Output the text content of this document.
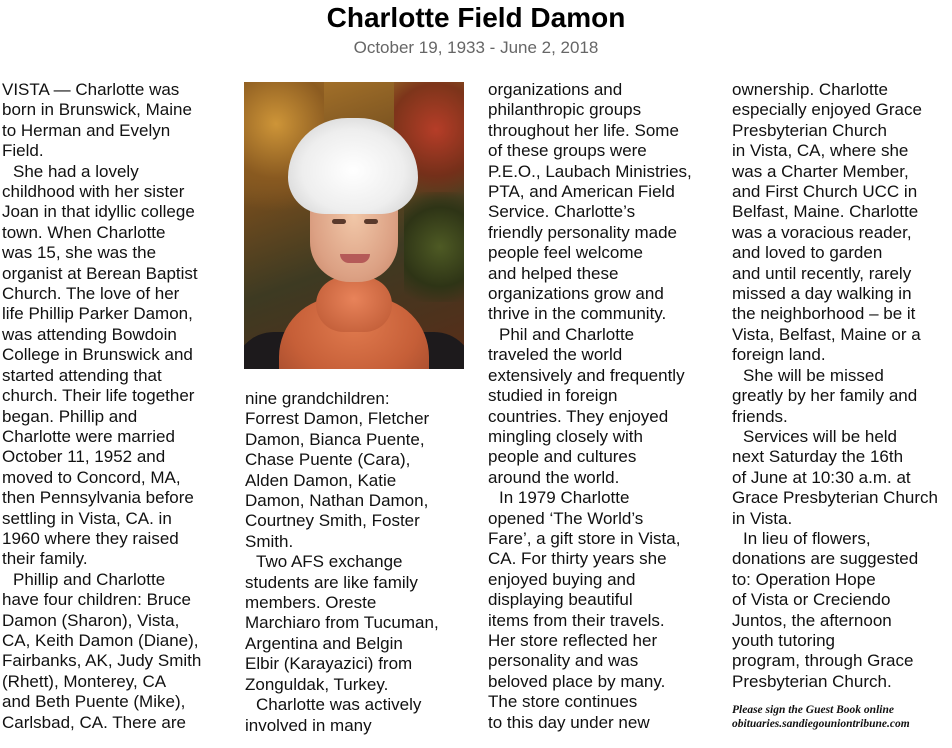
Charlotte Field Damon
October 19, 1933 - June 2, 2018

VISTA — Charlotte was

born in Brunswick, Maine

to Herman and Evelyn

Field.

She had a lovely

childhood with her sister

Joan in that idyllic college

town. When Charlotte

was 15, she was the

organist at Berean Baptist

Church. The love of her

life Phillip Parker Damon,

was attending Bowdoin

College in Brunswick and

started attending that

church. Their life together

began. Phillip and

Charlotte were married

October 11, 1952 and

moved to Concord, MA,

then Pennsylvania before

settling in Vista, CA. in

1960 where they raised

their family.

Phillip and Charlotte

have four children: Bruce

Damon (Sharon), Vista,

CA, Keith Damon (Diane),

Fairbanks, AK, Judy Smith

(Rhett), Monterey, CA

and Beth Puente (Mike),

Carlsbad, CA. There are

nine grandchildren:

Forrest Damon, Fletcher

Damon, Bianca Puente,

Chase Puente (Cara),

Alden Damon, Katie

Damon, Nathan Damon,

Courtney Smith, Foster

Smith.

Two AFS exchange

students are like family

members. Oreste

Marchiaro from Tucuman,

Argentina and Belgin

Elbir (Karayazici) from

Zonguldak, Turkey.

Charlotte was actively

involved in many

organizations and

philanthropic groups

throughout her life. Some

of these groups were

P.E.O., Laubach Ministries,

PTA, and American Field

Service. Charlotte’s

friendly personality made

people feel welcome

and helped these

organizations grow and

thrive in the community.

Phil and Charlotte

traveled the world

extensively and frequently

studied in foreign

countries. They enjoyed

mingling closely with

people and cultures

around the world.

In 1979 Charlotte

opened ‘The World’s

Fare’, a gift store in Vista,

CA. For thirty years she

enjoyed buying and

displaying beautiful

items from their travels.

Her store reflected her

personality and was

beloved place by many.

The store continues

to this day under new

ownership. Charlotte

especially enjoyed Grace

Presbyterian Church

in Vista, CA, where she

was a Charter Member,

and First Church UCC in

Belfast, Maine. Charlotte

was a voracious reader,

and loved to garden

and until recently, rarely

missed a day walking in

the neighborhood – be it

Vista, Belfast, Maine or a

foreign land.

She will be missed

greatly by her family and

friends.

Services will be held

next Saturday the 16th

of June at 10:30 a.m. at

Grace Presbyterian Church

in Vista.

In lieu of flowers,

donations are suggested

to: Operation Hope

of Vista or Creciendo

Juntos, the afternoon

youth tutoring

program, through Grace

Presbyterian Church.

Please sign the Guest Book online
obituaries.sandiegouniontribune.com
